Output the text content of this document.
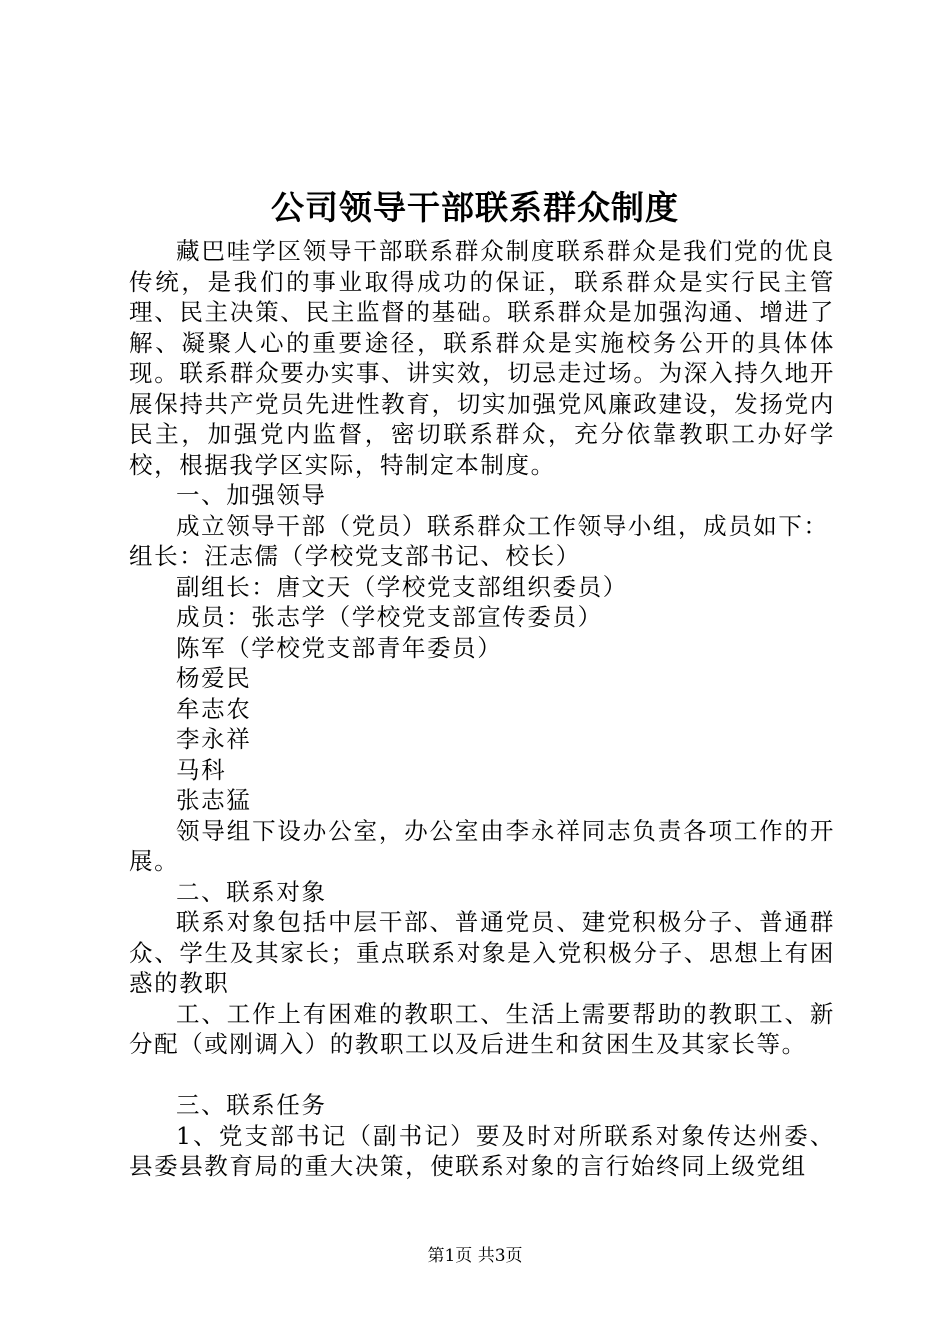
公司领导干部联系群众制度

藏巴哇学区领导干部联系群众制度联系群众是我们党的优良传统，是我们的事业取得成功的保证，联系群众是实行民主管理、民主决策、民主监督的基础。联系群众是加强沟通、增进了解、凝聚人心的重要途径，联系群众是实施校务公开的具体体现。联系群众要办实事、讲实效，切忌走过场。为深入持久地开展保持共产党员先进性教育，切实加强党风廉政建设，发扬党内民主，加强党内监督，密切联系群众，充分依靠教职工办好学校，根据我学区实际，特制定本制度。

一、加强领导

成立领导干部（党员）联系群众工作领导小组，成员如下：

组长：汪志儒（学校党支部书记、校长）

副组长：唐文天（学校党支部组织委员）

成员：张志学（学校党支部宣传委员）

陈军（学校党支部青年委员）

杨爱民

牟志农

李永祥

马科

张志猛

领导组下设办公室，办公室由李永祥同志负责各项工作的开展。

二、联系对象

联系对象包括中层干部、普通党员、建党积极分子、普通群众、学生及其家长；重点联系对象是入党积极分子、思想上有困惑的教职

工、工作上有困难的教职工、生活上需要帮助的教职工、新分配（或刚调入）的教职工以及后进生和贫困生及其家长等。

三、联系任务

1、党支部书记（副书记）要及时对所联系对象传达州委、县委县教育局的重大决策，使联系对象的言行始终同上级党组

第1页 共3页
